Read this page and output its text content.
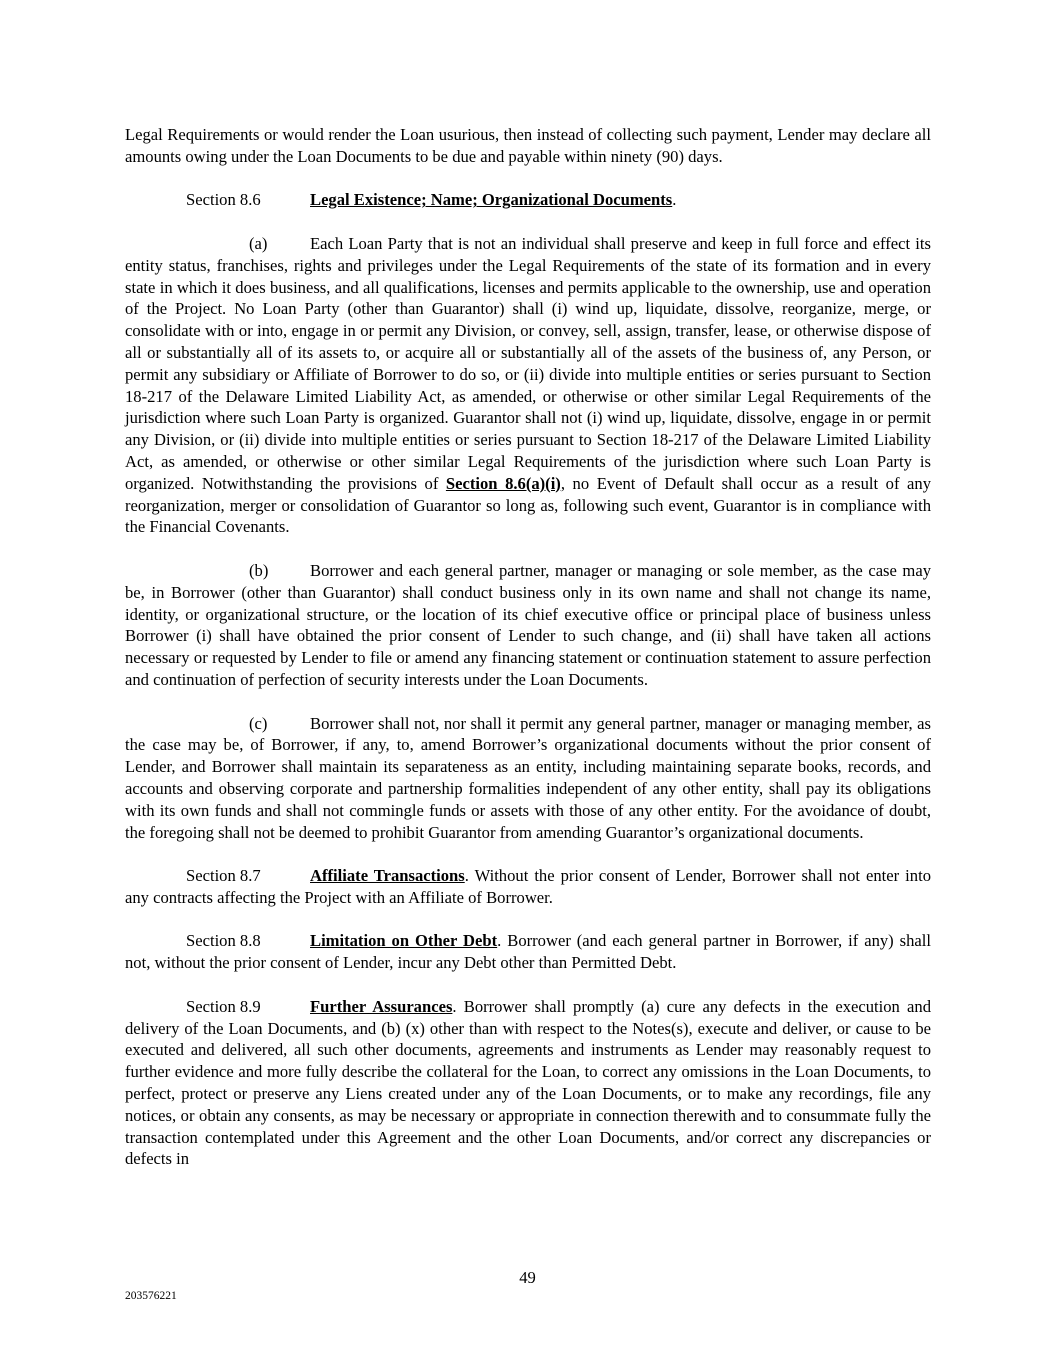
Legal Requirements or would render the Loan usurious, then instead of collecting such payment, Lender may declare all amounts owing under the Loan Documents to be due and payable within ninety (90) days.

Section 8.6	Legal Existence; Name; Organizational Documents.

(a)	Each Loan Party that is not an individual shall preserve and keep in full force and effect its entity status, franchises, rights and privileges under the Legal Requirements of the state of its formation and in every state in which it does business, and all qualifications, licenses and permits applicable to the ownership, use and operation of the Project. No Loan Party (other than Guarantor) shall (i) wind up, liquidate, dissolve, reorganize, merge, or consolidate with or into, engage in or permit any Division, or convey, sell, assign, transfer, lease, or otherwise dispose of all or substantially all of its assets to, or acquire all or substantially all of the assets of the business of, any Person, or permit any subsidiary or Affiliate of Borrower to do so, or (ii) divide into multiple entities or series pursuant to Section 18-217 of the Delaware Limited Liability Act, as amended, or otherwise or other similar Legal Requirements of the jurisdiction where such Loan Party is organized. Guarantor shall not (i) wind up, liquidate, dissolve, engage in or permit any Division, or (ii) divide into multiple entities or series pursuant to Section 18-217 of the Delaware Limited Liability Act, as amended, or otherwise or other similar Legal Requirements of the jurisdiction where such Loan Party is organized. Notwithstanding the provisions of Section 8.6(a)(i), no Event of Default shall occur as a result of any reorganization, merger or consolidation of Guarantor so long as, following such event, Guarantor is in compliance with the Financial Covenants.

(b)	Borrower and each general partner, manager or managing or sole member, as the case may be, in Borrower (other than Guarantor) shall conduct business only in its own name and shall not change its name, identity, or organizational structure, or the location of its chief executive office or principal place of business unless Borrower (i) shall have obtained the prior consent of Lender to such change, and (ii) shall have taken all actions necessary or requested by Lender to file or amend any financing statement or continuation statement to assure perfection and continuation of perfection of security interests under the Loan Documents.

(c)	Borrower shall not, nor shall it permit any general partner, manager or managing member, as the case may be, of Borrower, if any, to, amend Borrower’s organizational documents without the prior consent of Lender, and Borrower shall maintain its separateness as an entity, including maintaining separate books, records, and accounts and observing corporate and partnership formalities independent of any other entity, shall pay its obligations with its own funds and shall not commingle funds or assets with those of any other entity. For the avoidance of doubt, the foregoing shall not be deemed to prohibit Guarantor from amending Guarantor’s organizational documents.

Section 8.7	Affiliate Transactions. Without the prior consent of Lender, Borrower shall not enter into any contracts affecting the Project with an Affiliate of Borrower.

Section 8.8	Limitation on Other Debt. Borrower (and each general partner in Borrower, if any) shall not, without the prior consent of Lender, incur any Debt other than Permitted Debt.

Section 8.9	Further Assurances. Borrower shall promptly (a) cure any defects in the execution and delivery of the Loan Documents, and (b) (x) other than with respect to the Notes(s), execute and deliver, or cause to be executed and delivered, all such other documents, agreements and instruments as Lender may reasonably request to further evidence and more fully describe the collateral for the Loan, to correct any omissions in the Loan Documents, to perfect, protect or preserve any Liens created under any of the Loan Documents, or to make any recordings, file any notices, or obtain any consents, as may be necessary or appropriate in connection therewith and to consummate fully the transaction contemplated under this Agreement and the other Loan Documents, and/or correct any discrepancies or defects in

49
203576221
